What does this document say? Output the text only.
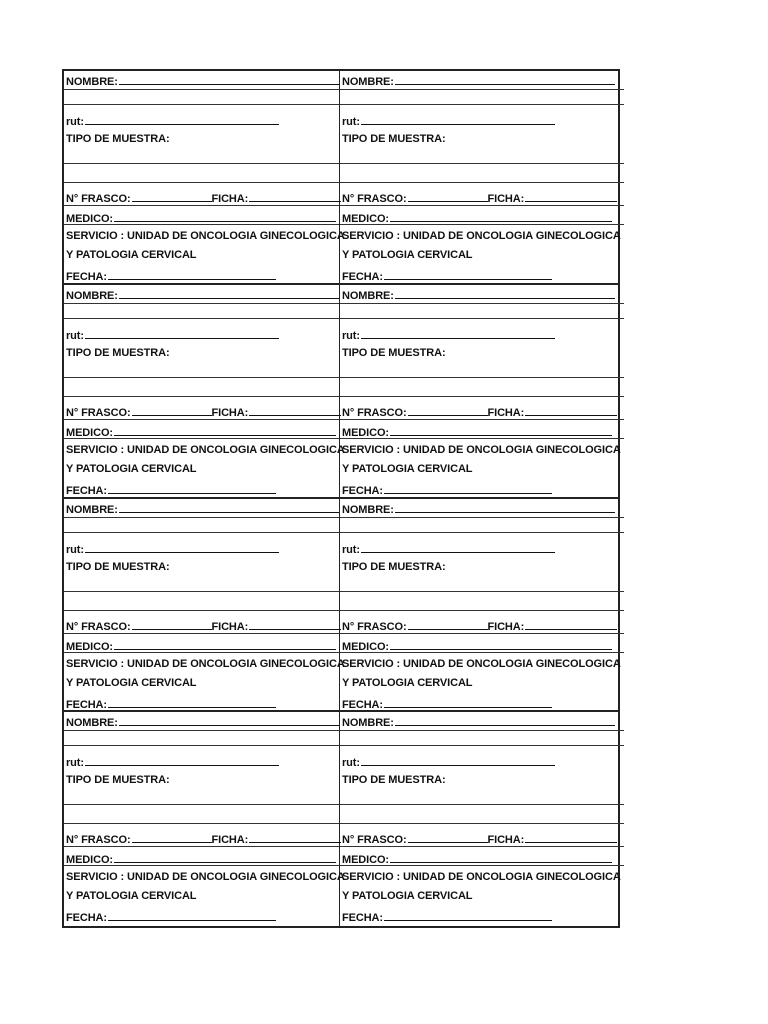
NOMBRE:
rut:
TIPO DE MUESTRA:
N° FRASCO:	FICHA:
MEDICO:
SERVICIO : UNIDAD DE ONCOLOGIA GINECOLOGICA
Y PATOLOGIA CERVICAL
FECHA:
NOMBRE:
rut:
TIPO DE MUESTRA:
N° FRASCO:	FICHA:
MEDICO:
SERVICIO : UNIDAD DE ONCOLOGIA GINECOLOGICA
Y PATOLOGIA CERVICAL
FECHA:
NOMBRE:
rut:
TIPO DE MUESTRA:
N° FRASCO:	FICHA:
MEDICO:
SERVICIO : UNIDAD DE ONCOLOGIA GINECOLOGICA
Y PATOLOGIA CERVICAL
FECHA:
NOMBRE:
rut:
TIPO DE MUESTRA:
N° FRASCO:	FICHA:
MEDICO:
SERVICIO : UNIDAD DE ONCOLOGIA GINECOLOGICA
Y PATOLOGIA CERVICAL
FECHA:
NOMBRE:
rut:
TIPO DE MUESTRA:
N° FRASCO:	FICHA:
MEDICO:
SERVICIO : UNIDAD DE ONCOLOGIA GINECOLOGICA
Y PATOLOGIA CERVICAL
FECHA:
NOMBRE:
rut:
TIPO DE MUESTRA:
N° FRASCO:	FICHA:
MEDICO:
SERVICIO : UNIDAD DE ONCOLOGIA GINECOLOGICA
Y PATOLOGIA CERVICAL
FECHA:
NOMBRE:
rut:
TIPO DE MUESTRA:
N° FRASCO:	FICHA:
MEDICO:
SERVICIO : UNIDAD DE ONCOLOGIA GINECOLOGICA
Y PATOLOGIA CERVICAL
FECHA:
NOMBRE:
rut:
TIPO DE MUESTRA:
N° FRASCO:	FICHA:
MEDICO:
SERVICIO : UNIDAD DE ONCOLOGIA GINECOLOGICA
Y PATOLOGIA CERVICAL
FECHA:
